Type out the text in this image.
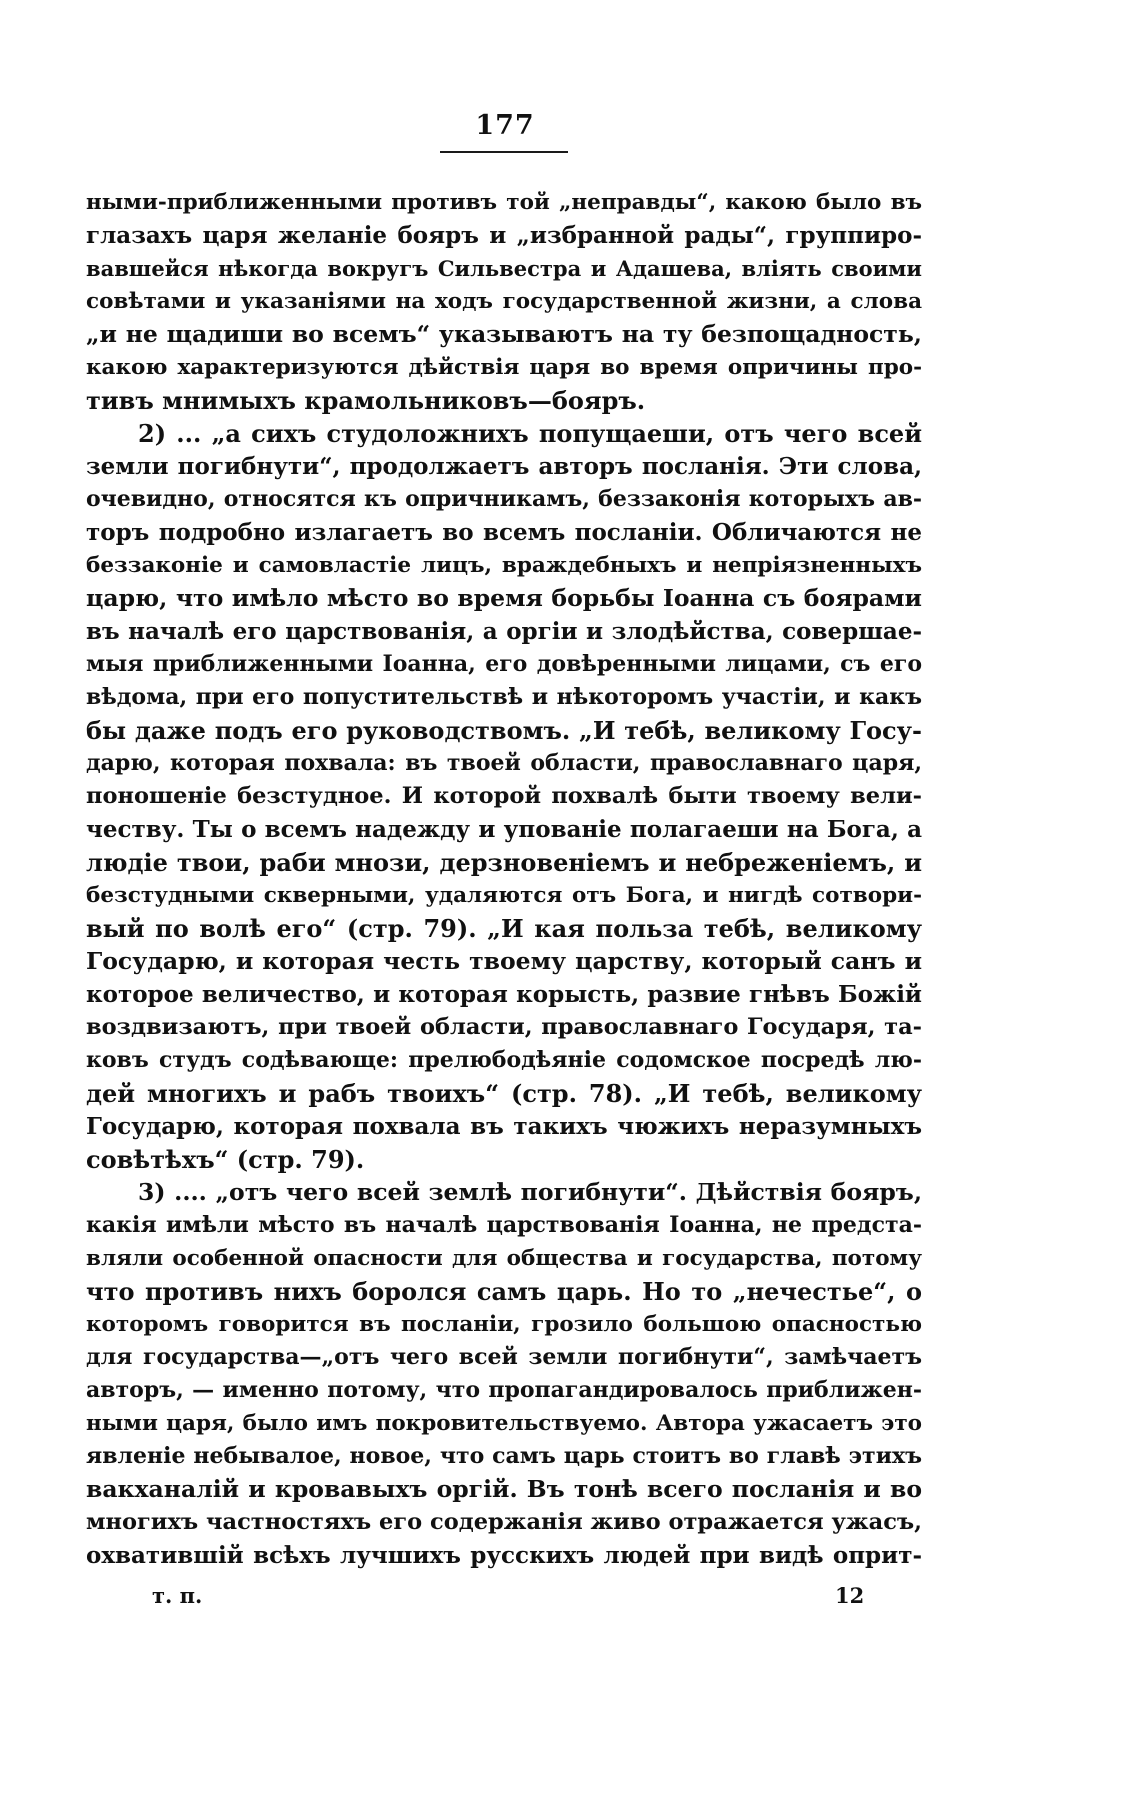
177
ными-приближенными противъ той „неправды“, какою было въ
глазахъ царя желаніе бояръ и „избранной рады“, группиро-
вавшейся нѣкогда вокругъ Сильвестра и Адашева, вліять своими
совѣтами и указаніями на ходъ государственной жизни, а слова
„и не щадиши во всемъ“ указываютъ на ту безпощадность,
какою характеризуются дѣйствія царя во время опричины про-
тивъ мнимыхъ крамольниковъ—бояръ.
2) ... „а сихъ студоложнихъ попущаеши, отъ чего всей
земли погибнути“, продолжаетъ авторъ посланія. Эти слова,
очевидно, относятся къ опричникамъ, беззаконія которыхъ ав-
торъ подробно излагаетъ во всемъ посланіи. Обличаются не
беззаконіе и самовластіе лицъ, враждебныхъ и непріязненныхъ
царю, что имѣло мѣсто во время борьбы Іоанна съ боярами
въ началѣ его царствованія, а оргіи и злодѣйства, совершае-
мыя приближенными Іоанна, его довѣренными лицами, съ его
вѣдома, при его попустительствѣ и нѣкоторомъ участіи, и какъ
бы даже подъ его руководствомъ. „И тебѣ, великому Госу-
дарю, которая похвала: въ твоей области, православнаго царя,
поношеніе безстудное. И которой похвалѣ быти твоему вели-
честву. Ты о всемъ надежду и упованіе полагаеши на Бога, а
людіе твои, раби мнози, дерзновеніемъ и небреженіемъ, и
безстудными скверными, удаляются отъ Бога, и нигдѣ сотвори-
вый по волѣ его“ (стр. 79). „И кая польза тебѣ, великому
Государю, и которая честь твоему царству, который санъ и
которое величество, и которая корысть, развие гнѣвъ Божій
воздвизаютъ, при твоей области, православнаго Государя, та-
ковъ студъ содѣвающе: прелюбодѣяніе содомское посредѣ лю-
дей многихъ и рабъ твоихъ“ (стр. 78). „И тебѣ, великому
Государю, которая похвала въ такихъ чюжихъ неразумныхъ
совѣтѣхъ“ (стр. 79).
3) .... „отъ чего всей землѣ погибнути“. Дѣйствія бояръ,
какія имѣли мѣсто въ началѣ царствованія Іоанна, не предста-
вляли особенной опасности для общества и государства, потому
что противъ нихъ боролся самъ царь. Но то „нечестье“, о
которомъ говорится въ посланіи, грозило большою опасностью
для государства—„отъ чего всей земли погибнути“, замѣчаетъ
авторъ, — именно потому, что пропагандировалось приближен-
ными царя, было имъ покровительствуемо. Автора ужасаетъ это
явленіе небывалое, новое, что самъ царь стоитъ во главѣ этихъ
вакханалій и кровавыхъ оргій. Въ тонѣ всего посланія и во
многихъ частностяхъ его содержанія живо отражается ужасъ,
охватившій всѣхъ лучшихъ русскихъ людей при видѣ оприт-
т. п.	12
